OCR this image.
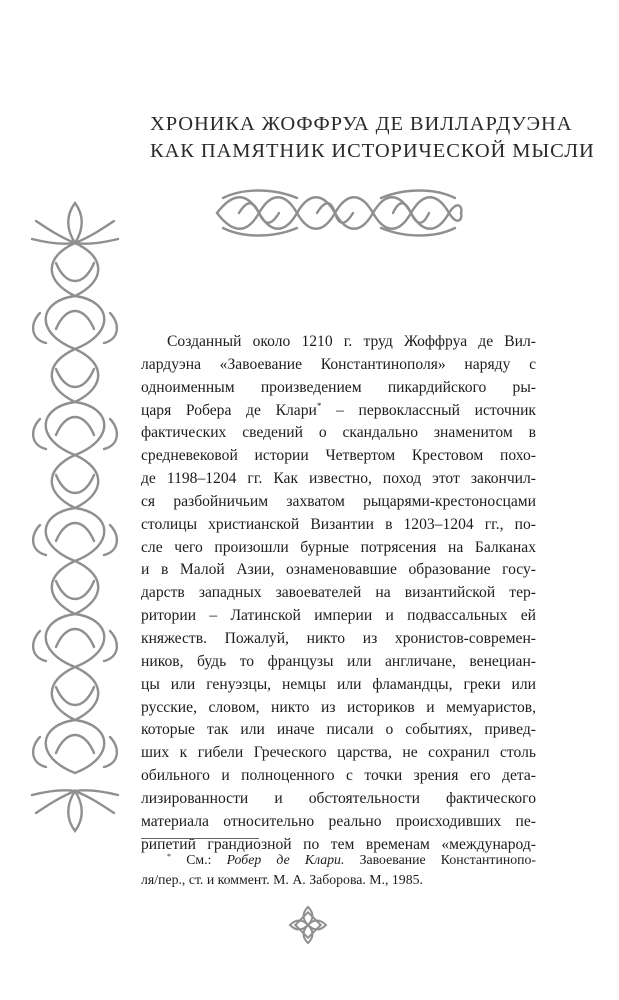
ХРОНИКА ЖОФФРУА ДЕ ВИЛЛАРДУЭНА
КАК ПАМЯТНИК ИСТОРИЧЕСКОЙ МЫСЛИ
Созданный около 1210 г. труд Жоффруа де Вил-
лардуэна «Завоевание Константинополя» наряду с
одноименным произведением пикардийского ры-
царя Робера де Клари* – первоклассный источник
фактических сведений о скандально знаменитом в
средневековой истории Четвертом Крестовом похо-
де 1198–1204 гг. Как известно, поход этот закончил-
ся разбойничьим захватом рыцарями-крестоносцами
столицы христианской Византии в 1203–1204 гг., по-
сле чего произошли бурные потрясения на Балканах
и в Малой Азии, ознаменовавшие образование госу-
дарств западных завоевателей на византийской тер-
ритории – Латинской империи и подвассальных ей
княжеств. Пожалуй, никто из хронистов-современ-
ников, будь то французы или англичане, венециан-
цы или генуэзцы, немцы или фламандцы, греки или
русские, словом, никто из историков и мемуаристов,
которые так или иначе писали о событиях, привед-
ших к гибели Греческого царства, не сохранил столь
обильного и полноценного с точки зрения его дета-
лизированности и обстоятельности фактического
материала относительно реально происходивших пе-
рипетий грандиозной по тем временам «международ-
* См.: Робер де Клари. Завоевание Константинопо-
ля/пер., ст. и коммент. М. А. Заборова. М., 1985.
